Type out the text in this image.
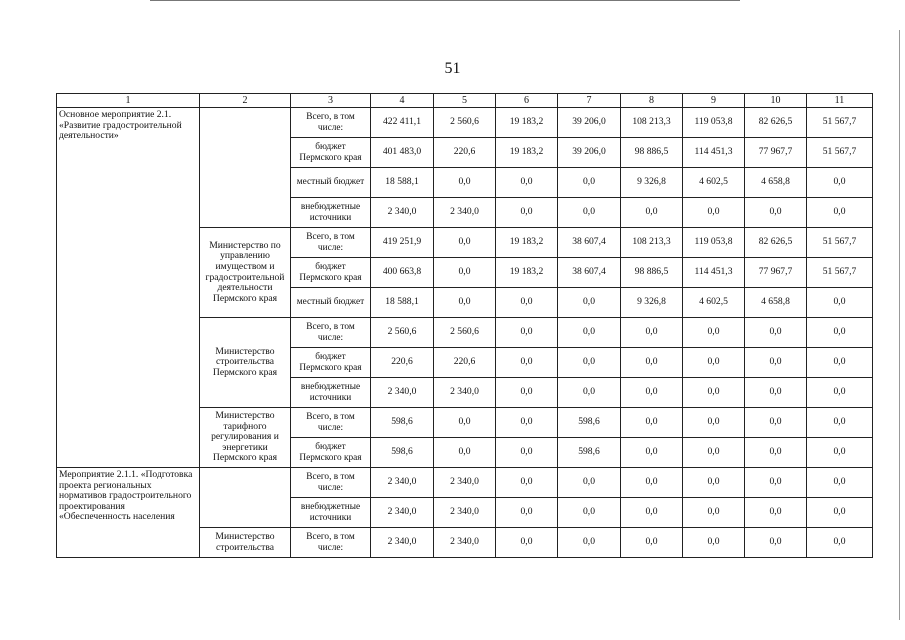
51
1	2	3	4	5	6	7	8	9	10	11
Основное мероприятие 2.1. «Развитие градостроительной деятельности»		Всего, в том числе:	422 411,1	2 560,6	19 183,2	39 206,0	108 213,3	119 053,8	82 626,5	51 567,7
		бюджет Пермского края	401 483,0	220,6	19 183,2	39 206,0	98 886,5	114 451,3	77 967,7	51 567,7
		местный бюджет	18 588,1	0,0	0,0	0,0	9 326,8	4 602,5	4 658,8	0,0
		внебюджетные источники	2 340,0	2 340,0	0,0	0,0	0,0	0,0	0,0	0,0
	Министерство по управлению имуществом и градостроительной деятельности Пермского края	Всего, в том числе:	419 251,9	0,0	19 183,2	38 607,4	108 213,3	119 053,8	82 626,5	51 567,7
		бюджет Пермского края	400 663,8	0,0	19 183,2	38 607,4	98 886,5	114 451,3	77 967,7	51 567,7
		местный бюджет	18 588,1	0,0	0,0	0,0	9 326,8	4 602,5	4 658,8	0,0
	Министерство строительства Пермского края	Всего, в том числе:	2 560,6	2 560,6	0,0	0,0	0,0	0,0	0,0	0,0
		бюджет Пермского края	220,6	220,6	0,0	0,0	0,0	0,0	0,0	0,0
		внебюджетные источники	2 340,0	2 340,0	0,0	0,0	0,0	0,0	0,0	0,0
	Министерство тарифного регулирования и энергетики Пермского края	Всего, в том числе:	598,6	0,0	0,0	598,6	0,0	0,0	0,0	0,0
		бюджет Пермского края	598,6	0,0	0,0	598,6	0,0	0,0	0,0	0,0
Мероприятие 2.1.1. «Подготовка проекта региональных нормативов градостроительного проектирования «Обеспеченность населения		Всего, в том числе:	2 340,0	2 340,0	0,0	0,0	0,0	0,0	0,0	0,0
		внебюджетные источники	2 340,0	2 340,0	0,0	0,0	0,0	0,0	0,0	0,0
	Министерство строительства	Всего, в том числе:	2 340,0	2 340,0	0,0	0,0	0,0	0,0	0,0	0,0
